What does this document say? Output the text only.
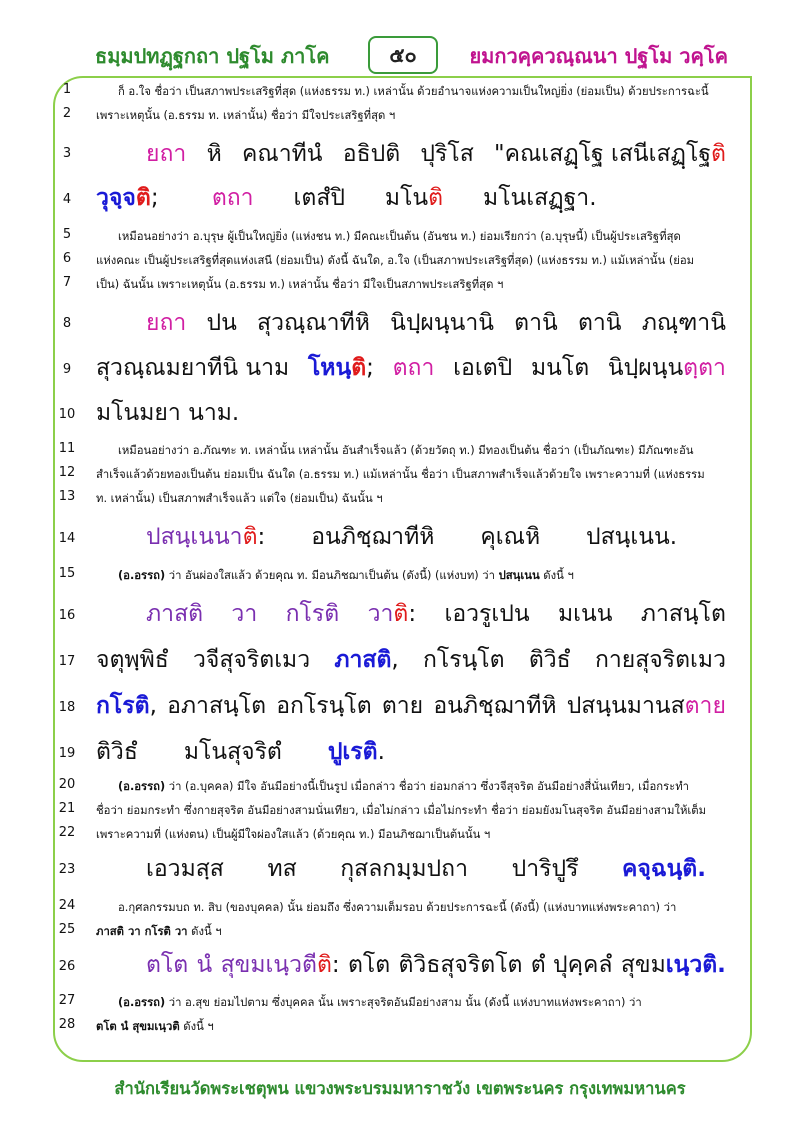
ธมฺมปทฏฺฐกถา ปฐโม ภาโค	๕๐	ยมกวคฺควณฺณนา ปฐโม วคฺโค
1	ก็ อ.ใจ ชื่อว่า เป็นสภาพประเสริฐที่สุด (แห่งธรรม ท.) เหล่านั้น ด้วยอำนาจแห่งความเป็นใหญ่ยิ่ง (ย่อมเป็น) ด้วยประการฉะนี้
2	เพราะเหตุนั้น (อ.ธรรม ท. เหล่านั้น) ชื่อว่า มีใจประเสริฐที่สุด ฯ
3	ยถา หิ คณาทีนํ อธิปติ ปุริโส "คณเสฏฺโฐ เสนีเสฏฺโฐติ
4 วุจฺจติ; ตถา เตสํปิ มโนติ มโนเสฏฺฐา.
5	เหมือนอย่างว่า อ.บุรุษ ผู้เป็นใหญ่ยิ่ง (แห่งชน ท.) มีคณะเป็นต้น (อันชน ท.) ย่อมเรียกว่า (อ.บุรุษนี้) เป็นผู้ประเสริฐที่สุด
6	แห่งคณะ เป็นผู้ประเสริฐที่สุดแห่งเสนี (ย่อมเป็น) ดังนี้ ฉันใด, อ.ใจ (เป็นสภาพประเสริฐที่สุด) (แห่งธรรม ท.) แม้เหล่านั้น (ย่อม
7	เป็น) ฉันนั้น เพราะเหตุนั้น (อ.ธรรม ท.) เหล่านั้น ชื่อว่า มีใจเป็นสภาพประเสริฐที่สุด ฯ
8	ยถา ปน สุวณฺณาทีหิ นิปฺผนฺนานิ ตานิ ตานิ ภณฺฑานิ
9 สุวณฺณมยาทีนิ นาม โหนฺติ; ตถา เอเตปิ มนโต นิปฺผนฺนตฺตา
10 มโนมยา นาม.
11	เหมือนอย่างว่า อ.ภัณฑะ ท. เหล่านั้น เหล่านั้น อันสำเร็จแล้ว (ด้วยวัตถุ ท.) มีทองเป็นต้น ชื่อว่า (เป็นภัณฑะ) มีภัณฑะอัน
12 สำเร็จแล้วด้วยทองเป็นต้น ย่อมเป็น ฉันใด (อ.ธรรม ท.) แม้เหล่านั้น ชื่อว่า เป็นสภาพสำเร็จแล้วด้วยใจ เพราะความที่ (แห่งธรรม
13 ท. เหล่านั้น) เป็นสภาพสำเร็จแล้ว แต่ใจ (ย่อมเป็น) ฉันนั้น ฯ
14	ปสนฺเนนาติ: อนภิชฺฌาทีหิ คุเณหิ ปสนฺเนน.
15	(อ.อรรถ) ว่า อันผ่องใสแล้ว ด้วยคุณ ท. มีอนภิชฌาเป็นต้น (ดังนี้) (แห่งบท) ว่า ปสนฺเนน ดังนี้ ฯ
16	ภาสติ วา กโรติ วาติ: เอวรูเปน มเนน ภาสนฺโต
17 จตุพฺพิธํ วจีสุจริตเมว ภาสติ, กโรนฺโต ติวิธํ กายสุจริตเมว
18 กโรติ, อภาสนฺโต อกโรนฺโต ตาย อนภิชฺฌาทีหิ ปสนฺนมานสตาย
19 ติวิธํ มโนสุจริตํ ปูเรติ.
20	(อ.อรรถ) ว่า (อ.บุคคล) มีใจ อันมีอย่างนี้เป็นรูป เมื่อกล่าว ชื่อว่า ย่อมกล่าว ซึ่งวจีสุจริต อันมีอย่างสี่นั่นเทียว, เมื่อกระทำ
21 ชื่อว่า ย่อมกระทำ ซึ่งกายสุจริต อันมีอย่างสามนั่นเทียว, เมื่อไม่กล่าว เมื่อไม่กระทำ ชื่อว่า ย่อมยังมโนสุจริต อันมีอย่างสามให้เต็ม
22 เพราะความที่ (แห่งตน) เป็นผู้มีใจผ่องใสแล้ว (ด้วยคุณ ท.) มีอนภิชฌาเป็นต้นนั้น ฯ
23	เอวมสฺส ทส กุสลกมฺมปถา ปาริปูรึ คจฺฉนฺติ.
24	อ.กุศลกรรมบถ ท. สิบ (ของบุคคล) นั้น ย่อมถึง ซึ่งความเต็มรอบ ด้วยประการฉะนี้ (ดังนี้) (แห่งบาทแห่งพระคาถา) ว่า
25 ภาสติ วา กโรติ วา ดังนี้ ฯ
26	ตโต นํ สุขมเนฺวตีติ: ตโต ติวิธสุจริตโต ตํ ปุคฺคลํ สุขมเนฺวติ.
27	(อ.อรรถ) ว่า อ.สุข ย่อมไปตาม ซึ่งบุคคล นั้น เพราะสุจริตอันมีอย่างสาม นั้น (ดังนี้ แห่งบาทแห่งพระคาถา) ว่า
28 ตโต นํ สุขมเนฺวติ ดังนี้ ฯ
สำนักเรียนวัดพระเชตุพน แขวงพระบรมมหาราชวัง เขตพระนคร กรุงเทพมหานคร
